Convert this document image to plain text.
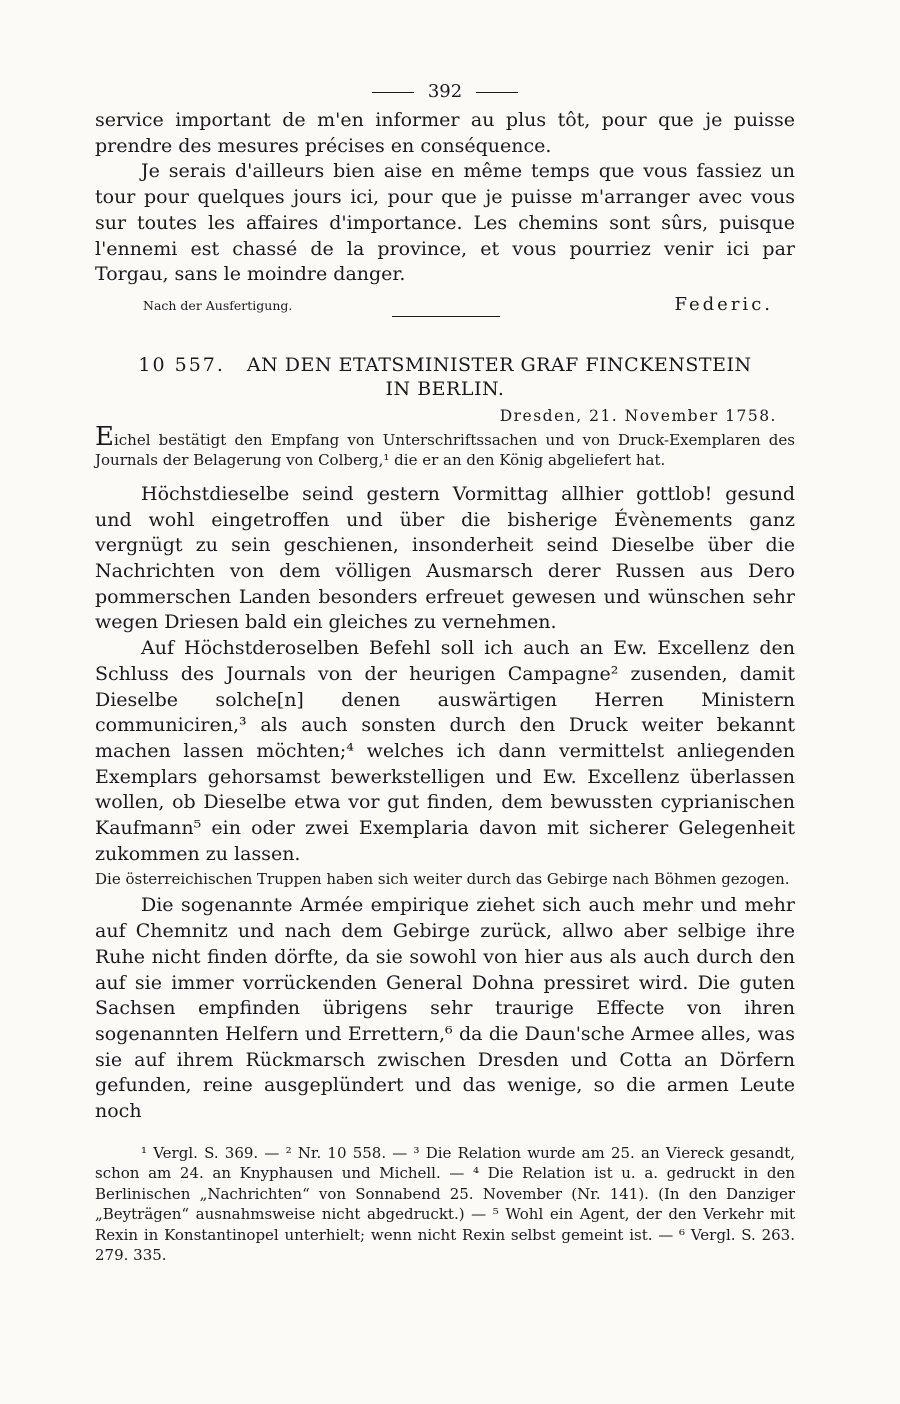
392

service important de m'en informer au plus tôt, pour que je puisse prendre des mesures précises en conséquence.

Je serais d'ailleurs bien aise en même temps que vous fassiez un tour pour quelques jours ici, pour que je puisse m'arranger avec vous sur toutes les affaires d'importance. Les chemins sont sûrs, puisque l'ennemi est chassé de la province, et vous pourriez venir ici par Torgau, sans le moindre danger.

Nach der Ausfertigung.	Federic.
10 557. AN DEN ETATSMINISTER GRAF FINCKENSTEIN
IN BERLIN.
Dresden, 21. November 1758.

Eichel bestätigt den Empfang von Unterschriftssachen und von Druck-Exemplaren des Journals der Belagerung von Colberg,¹ die er an den König abgeliefert hat.

Höchstdieselbe seind gestern Vormittag allhier gottlob! gesund und wohl eingetroffen und über die bisherige Évènements ganz vergnügt zu sein geschienen, insonderheit seind Dieselbe über die Nachrichten von dem völligen Ausmarsch derer Russen aus Dero pommerschen Landen besonders erfreuet gewesen und wünschen sehr wegen Driesen bald ein gleiches zu vernehmen.

Auf Höchstderoselben Befehl soll ich auch an Ew. Excellenz den Schluss des Journals von der heurigen Campagne² zusenden, damit Dieselbe solche[n] denen auswärtigen Herren Ministern communiciren,³ als auch sonsten durch den Druck weiter bekannt machen lassen möchten;⁴ welches ich dann vermittelst anliegenden Exemplars gehorsamst bewerkstelligen und Ew. Excellenz überlassen wollen, ob Dieselbe etwa vor gut finden, dem bewussten cyprianischen Kaufmann⁵ ein oder zwei Exemplaria davon mit sicherer Gelegenheit zukommen zu lassen.

Die österreichischen Truppen haben sich weiter durch das Gebirge nach Böhmen gezogen.

Die sogenannte Armée empirique ziehet sich auch mehr und mehr auf Chemnitz und nach dem Gebirge zurück, allwo aber selbige ihre Ruhe nicht finden dörfte, da sie sowohl von hier aus als auch durch den auf sie immer vorrückenden General Dohna pressiret wird. Die guten Sachsen empfinden übrigens sehr traurige Effecte von ihren sogenannten Helfern und Errettern,⁶ da die Daun'sche Armee alles, was sie auf ihrem Rückmarsch zwischen Dresden und Cotta an Dörfern gefunden, reine ausgeplündert und das wenige, so die armen Leute noch

¹ Vergl. S. 369. — ² Nr. 10 558. — ³ Die Relation wurde am 25. an Viereck gesandt, schon am 24. an Knyphausen und Michell. — ⁴ Die Relation ist u. a. gedruckt in den Berlinischen „Nachrichten“ von Sonnabend 25. November (Nr. 141). (In den Danziger „Beyträgen“ ausnahmsweise nicht abgedruckt.) — ⁵ Wohl ein Agent, der den Verkehr mit Rexin in Konstantinopel unterhielt; wenn nicht Rexin selbst gemeint ist. — ⁶ Vergl. S. 263. 279. 335.
